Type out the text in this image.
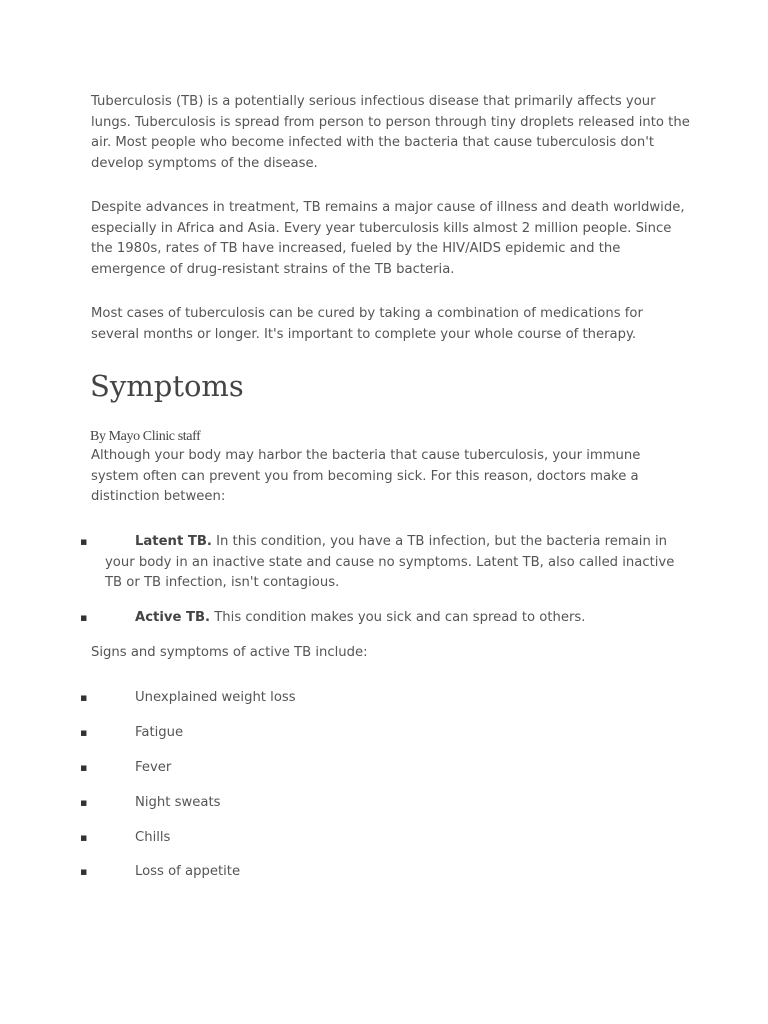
Tuberculosis (TB) is a potentially serious infectious disease that primarily affects your lungs. Tuberculosis is spread from person to person through tiny droplets released into the air. Most people who become infected with the bacteria that cause tuberculosis don't develop symptoms of the disease.

Despite advances in treatment, TB remains a major cause of illness and death worldwide, especially in Africa and Asia. Every year tuberculosis kills almost 2 million people. Since the 1980s, rates of TB have increased, fueled by the HIV/AIDS epidemic and the emergence of drug-resistant strains of the TB bacteria.

Most cases of tuberculosis can be cured by taking a combination of medications for several months or longer. It's important to complete your whole course of therapy.

Symptoms
By Mayo Clinic staff

Although your body may harbor the bacteria that cause tuberculosis, your immune system often can prevent you from becoming sick. For this reason, doctors make a distinction between:

▪	Latent TB. In this condition, you have a TB infection, but the bacteria remain in
your body in an inactive state and cause no symptoms. Latent TB, also called inactive
TB or TB infection, isn't contagious.
▪	Active TB. This condition makes you sick and can spread to others.
Signs and symptoms of active TB include:
▪	Unexplained weight loss
▪	Fatigue
▪	Fever
▪	Night sweats
▪	Chills
▪	Loss of appetite
